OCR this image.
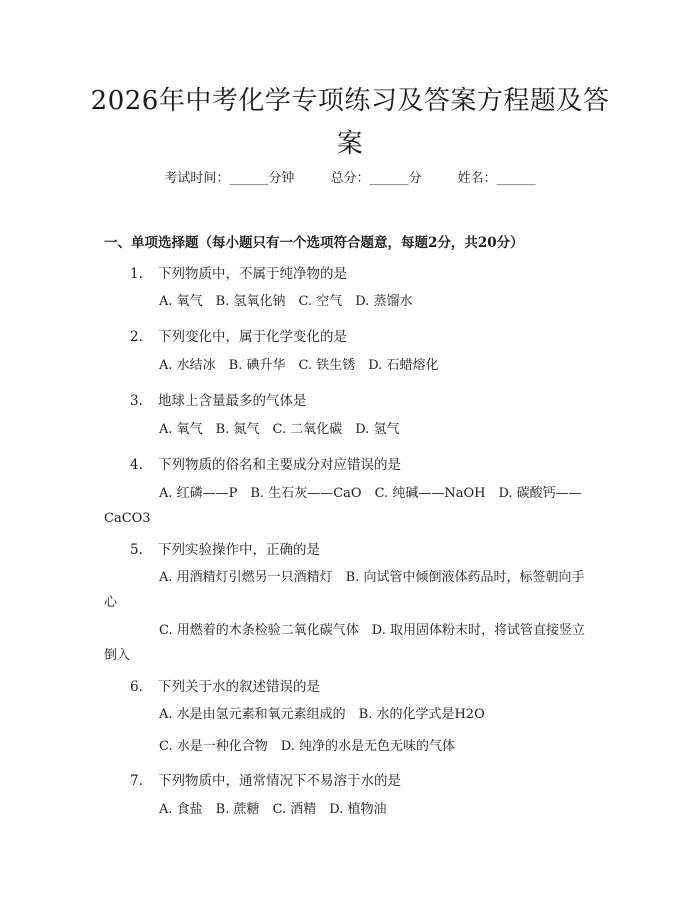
2026年中考化学专项练习及答案方程题及答案
考试时间：______分钟	总分：______分	姓名：______
一、单项选择题（每小题只有一个选项符合题意，每题2分，共20分）
1. 下列物质中，不属于纯净物的是
A. 氧气　B. 氢氧化钠　C. 空气　D. 蒸馏水
2. 下列变化中，属于化学变化的是
A. 水结冰　B. 碘升华　C. 铁生锈　D. 石蜡熔化
3. 地球上含量最多的气体是
A. 氧气　B. 氮气　C. 二氧化碳　D. 氢气
4. 下列物质的俗名和主要成分对应错误的是
A. 红磷——P　B. 生石灰——CaO　C. 纯碱——NaOH　D. 碳酸钙——CaCO3
5. 下列实验操作中，正确的是
A. 用酒精灯引燃另一只酒精灯　B. 向试管中倾倒液体药品时，标签朝向手心
C. 用燃着的木条检验二氧化碳气体　D. 取用固体粉末时，将试管直接竖立倒入
6. 下列关于水的叙述错误的是
A. 水是由氢元素和氧元素组成的　B. 水的化学式是H2O
C. 水是一种化合物　D. 纯净的水是无色无味的气体
7. 下列物质中，通常情况下不易溶于水的是
A. 食盐　B. 蔗糖　C. 酒精　D. 植物油
